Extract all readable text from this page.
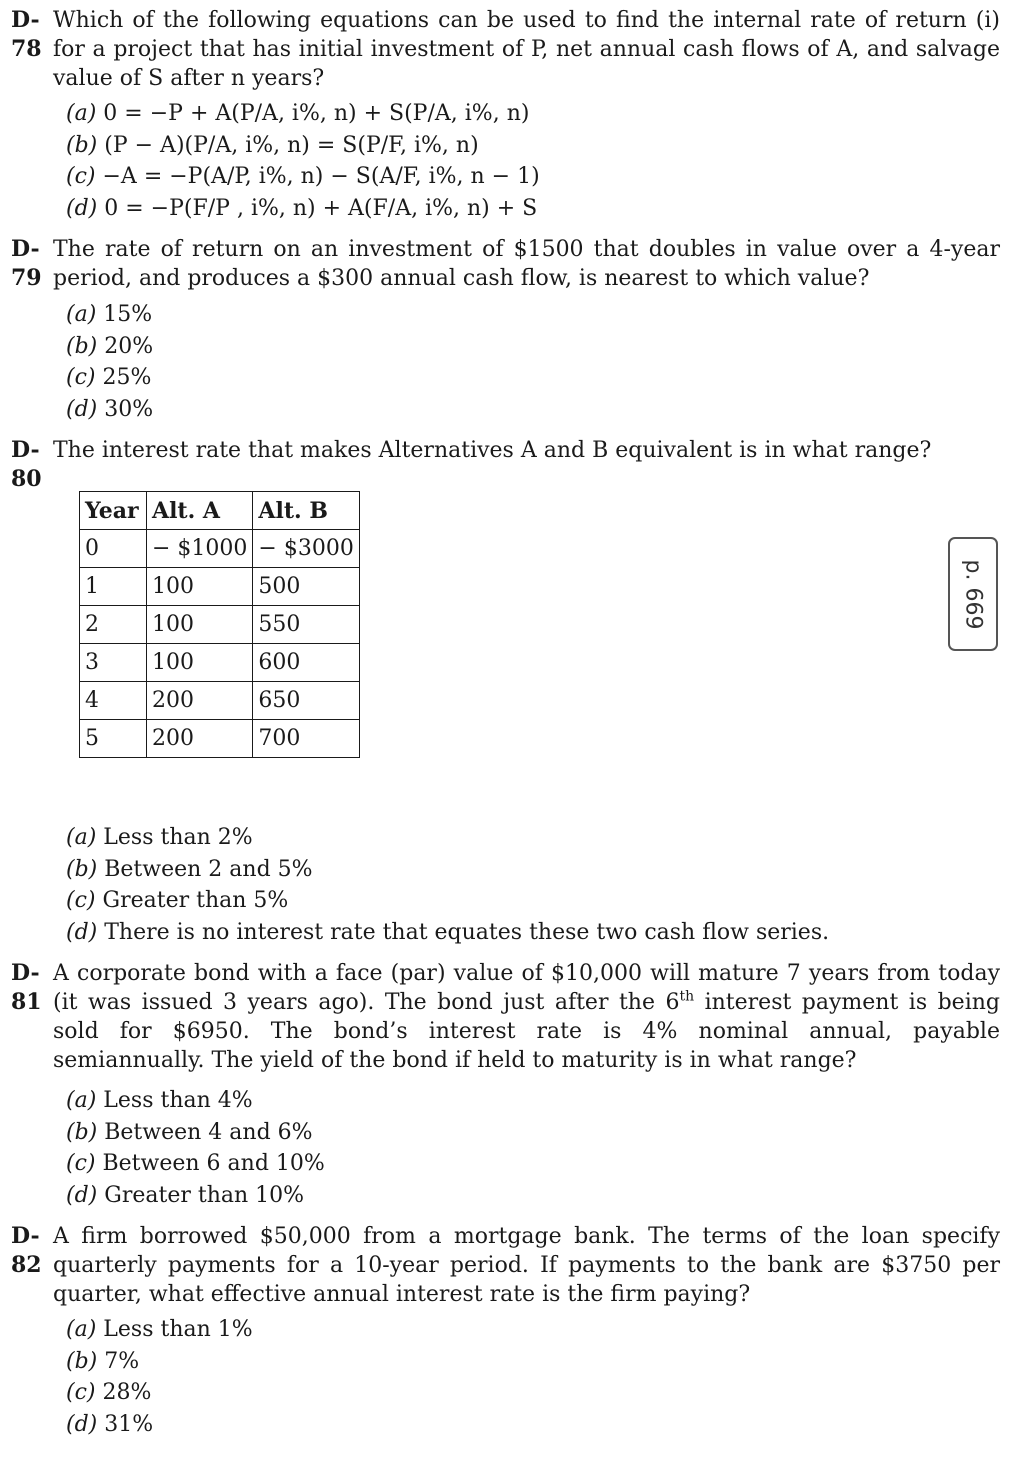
D-
78
Which of the following equations can be used to find the internal rate of return (i) for a project that has initial investment of P, net annual cash flows of A, and salvage value of S after n years?
(a) 0 = −P + A(P/A, i%, n) + S(P/A, i%, n)
(b) (P − A)(P/A, i%, n) = S(P/F, i%, n)
(c) −A = −P(A/P, i%, n) − S(A/F, i%, n − 1)
(d) 0 = −P(F/P , i%, n) + A(F/A, i%, n) + S
D-
79
The rate of return on an investment of $1500 that doubles in value over a 4-year period, and produces a $300 annual cash flow, is nearest to which value?
(a) 15%
(b) 20%
(c) 25%
(d) 30%
D-
80
The interest rate that makes Alternatives A and B equivalent is in what range?
Year	Alt. A	Alt. B
0	− $1000	− $3000
1	100	500
2	100	550
3	100	600
4	200	650
5	200	700
(a) Less than 2%
(b) Between 2 and 5%
(c) Greater than 5%
(d) There is no interest rate that equates these two cash flow series.
p. 669
D-
81
A corporate bond with a face (par) value of $10,000 will mature 7 years from today (it was issued 3 years ago). The bond just after the 6th interest payment is being sold for $6950. The bond’s interest rate is 4% nominal annual, payable semiannually. The yield of the bond if held to maturity is in what range?
(a) Less than 4%
(b) Between 4 and 6%
(c) Between 6 and 10%
(d) Greater than 10%
D-
82
A firm borrowed $50,000 from a mortgage bank. The terms of the loan specify quarterly payments for a 10-year period. If payments to the bank are $3750 per quarter, what effective annual interest rate is the firm paying?
(a) Less than 1%
(b) 7%
(c) 28%
(d) 31%
